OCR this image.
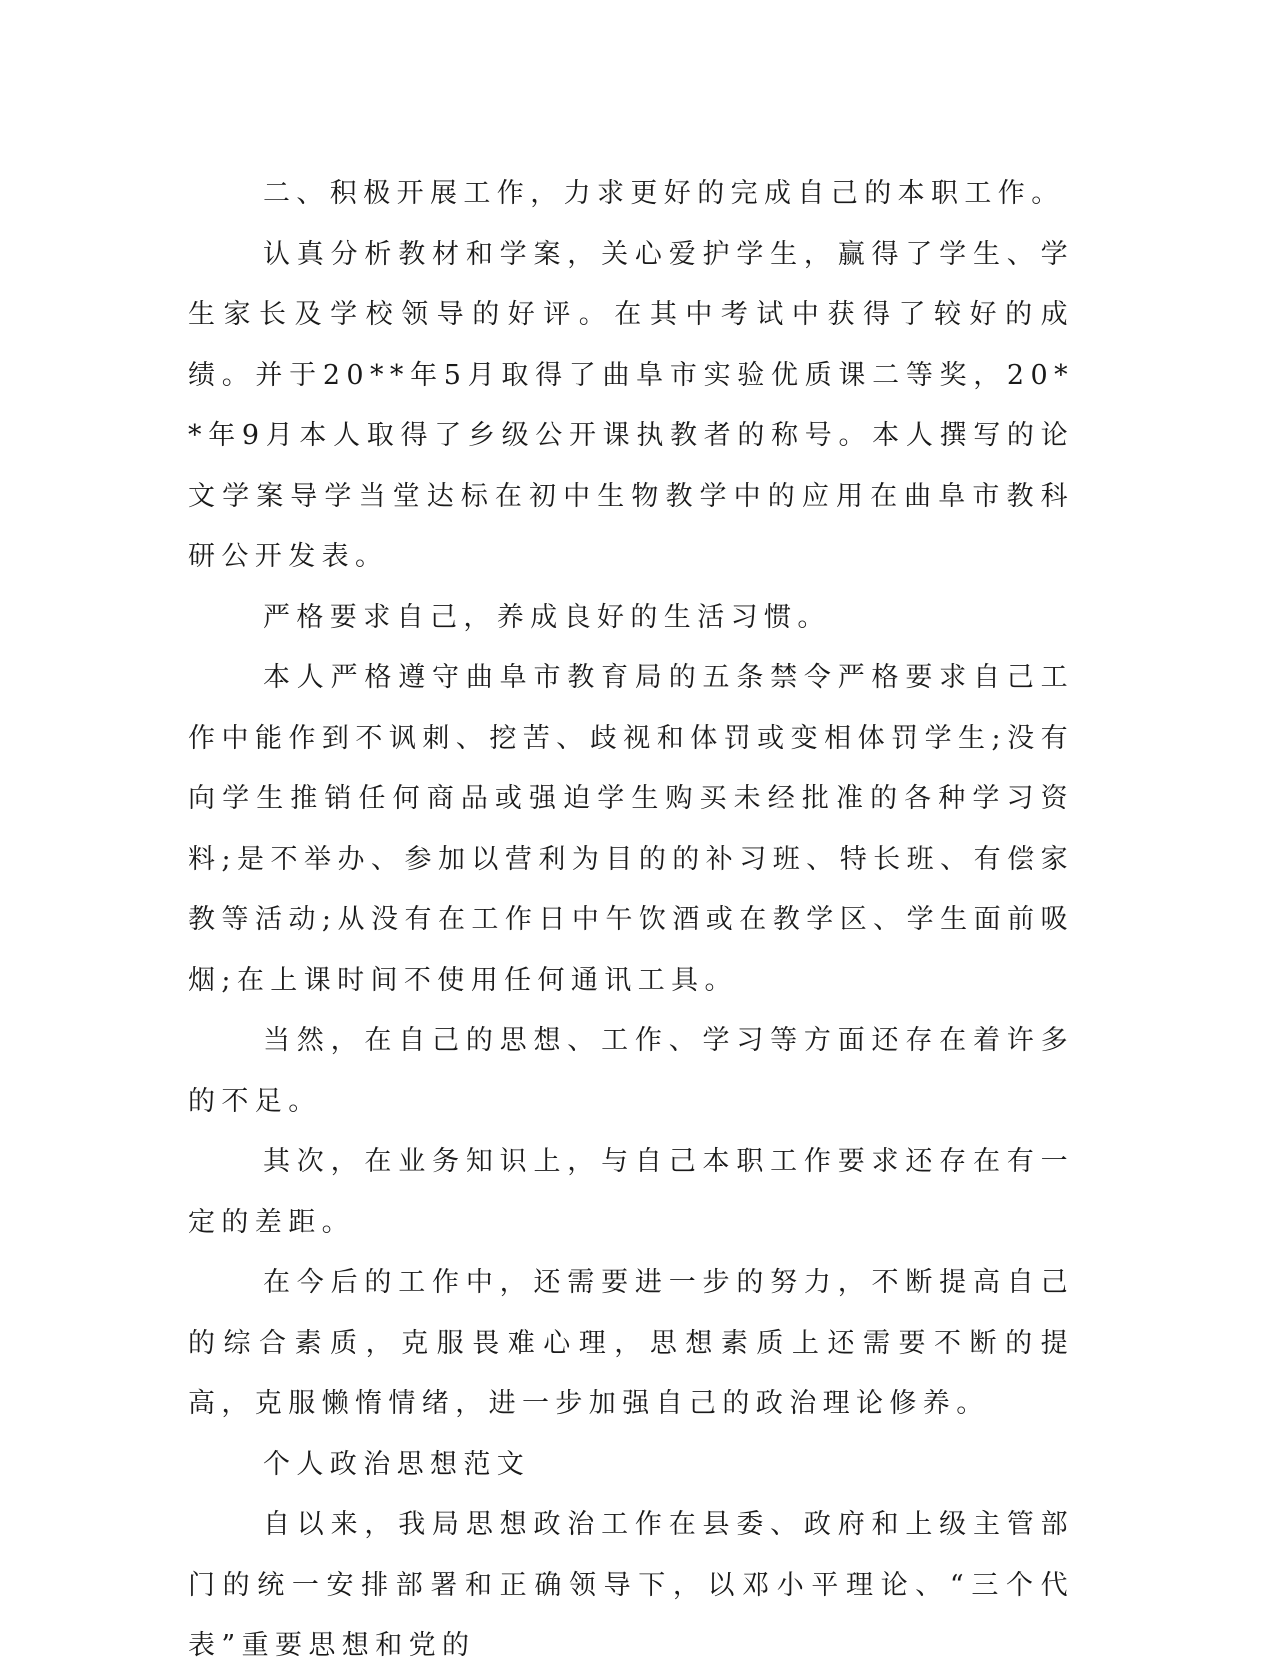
二、积极开展工作，力求更好的完成自己的本职工作。

认真分析教材和学案，关心爱护学生，赢得了学生、学生家长及学校领导的好评。在其中考试中获得了较好的成绩。并于20**年5月取得了曲阜市实验优质课二等奖，20**年9月本人取得了乡级公开课执教者的称号。本人撰写的论文学案导学当堂达标在初中生物教学中的应用在曲阜市教科研公开发表。

严格要求自己，养成良好的生活习惯。

本人严格遵守曲阜市教育局的五条禁令严格要求自己工作中能作到不讽刺、挖苦、歧视和体罚或变相体罚学生;没有向学生推销任何商品或强迫学生购买未经批准的各种学习资料;是不举办、参加以营利为目的的补习班、特长班、有偿家教等活动;从没有在工作日中午饮酒或在教学区、学生面前吸烟;在上课时间不使用任何通讯工具。

当然，在自己的思想、工作、学习等方面还存在着许多的不足。

其次，在业务知识上，与自己本职工作要求还存在有一定的差距。

在今后的工作中，还需要进一步的努力，不断提高自己的综合素质，克服畏难心理，思想素质上还需要不断的提高，克服懒惰情绪，进一步加强自己的政治理论修养。

个人政治思想范文

自以来，我局思想政治工作在县委、政府和上级主管部门的统一安排部署和正确领导下，以邓小平理论、“三个代表”重要思想和党的
